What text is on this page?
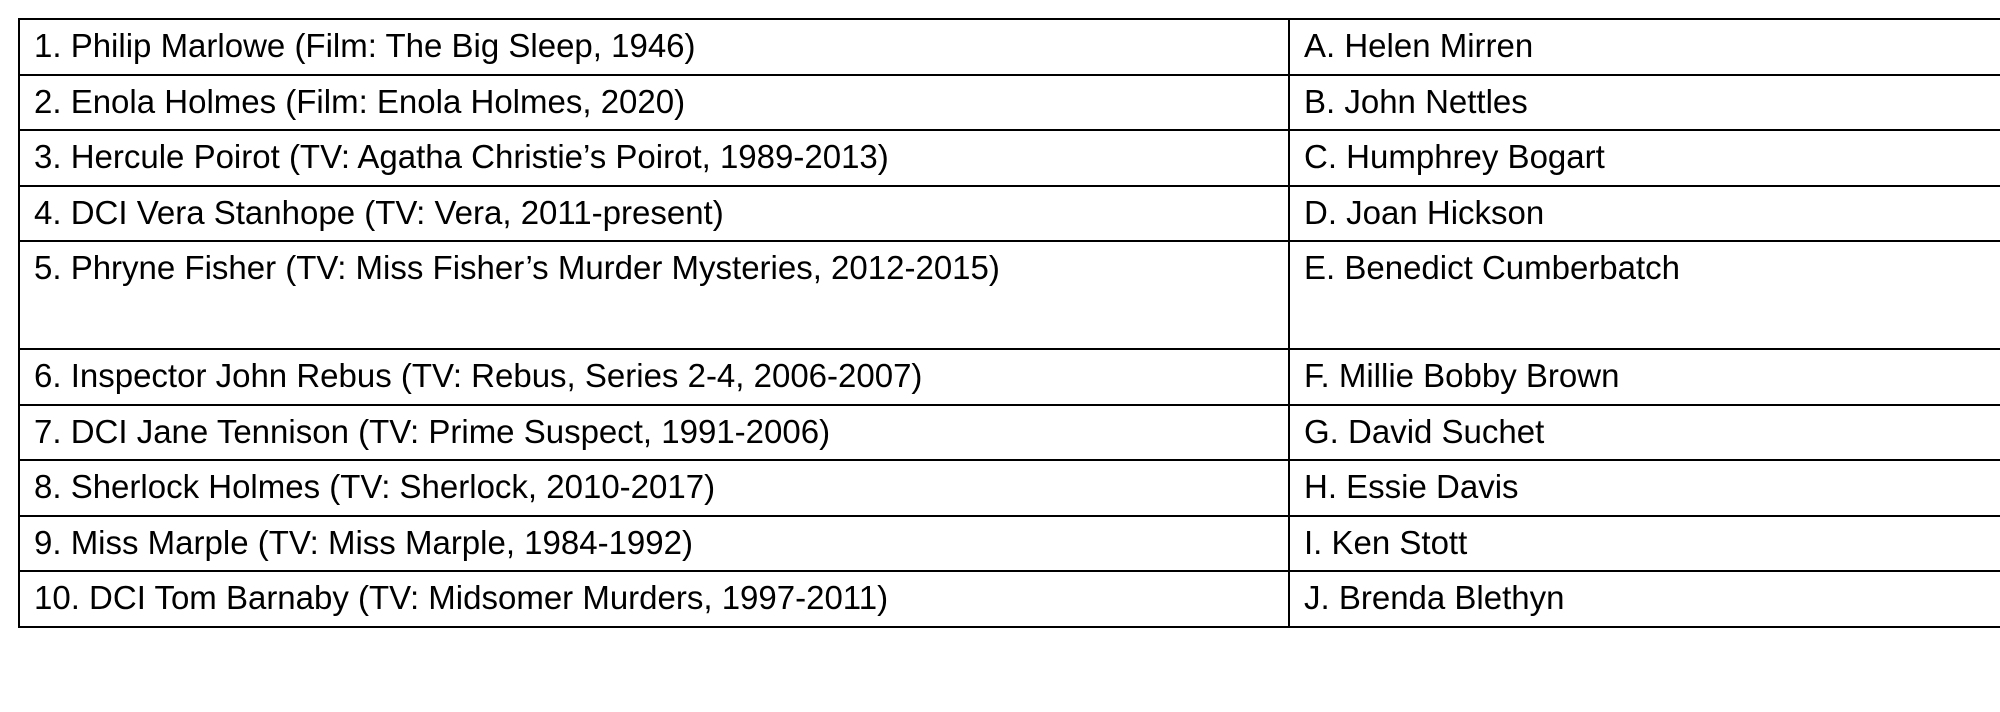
1. Philip Marlowe (Film: The Big Sleep, 1946)	A. Helen Mirren
2. Enola Holmes (Film: Enola Holmes, 2020)	B. John Nettles
3. Hercule Poirot (TV: Agatha Christie’s Poirot, 1989-2013)	C. Humphrey Bogart
4. DCI Vera Stanhope (TV: Vera, 2011-present)	D. Joan Hickson
5. Phryne Fisher (TV: Miss Fisher’s Murder Mysteries, 2012-2015)	E. Benedict Cumberbatch
6. Inspector John Rebus (TV: Rebus, Series 2-4, 2006-2007)	F. Millie Bobby Brown
7. DCI Jane Tennison (TV: Prime Suspect, 1991-2006)	G. David Suchet
8. Sherlock Holmes (TV: Sherlock, 2010-2017)	H. Essie Davis
9. Miss Marple (TV: Miss Marple, 1984-1992)	I. Ken Stott
10. DCI Tom Barnaby (TV: Midsomer Murders, 1997-2011)	J. Brenda Blethyn
